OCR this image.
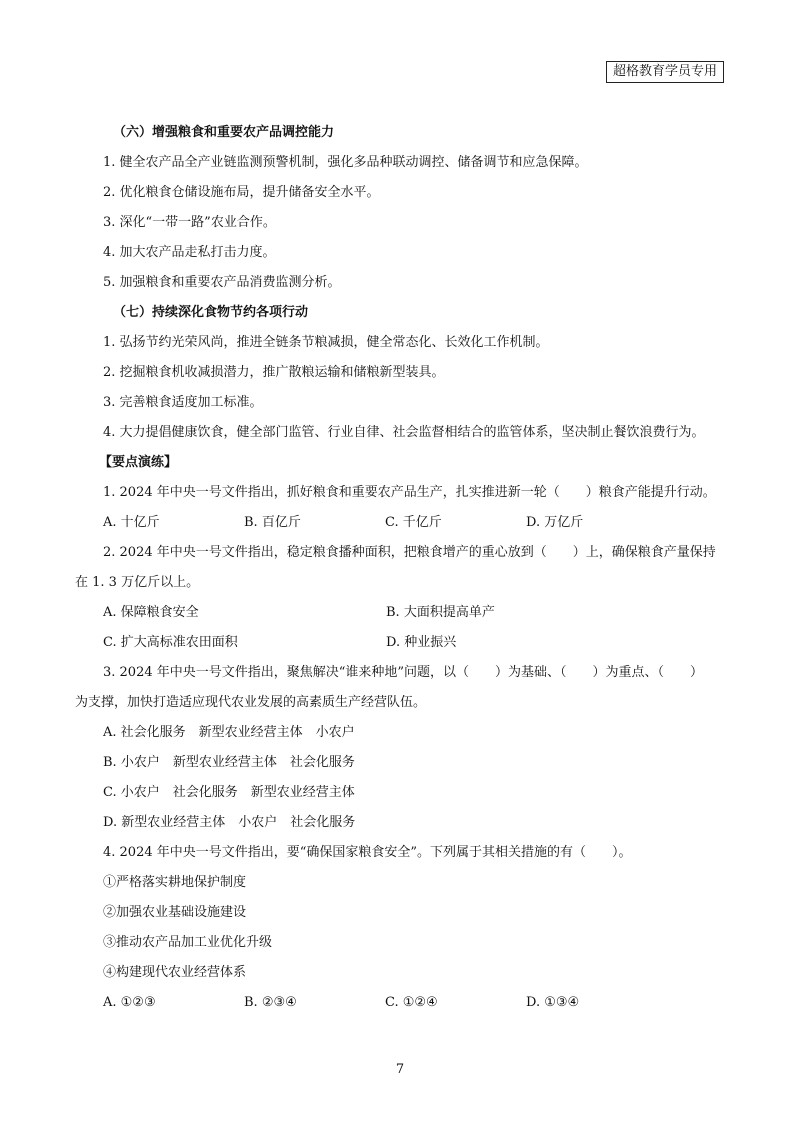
超格教育学员专用
（六）增强粮食和重要农产品调控能力
1. 健全农产品全产业链监测预警机制，强化多品种联动调控、储备调节和应急保障。
2. 优化粮食仓储设施布局，提升储备安全水平。
3. 深化“一带一路”农业合作。
4. 加大农产品走私打击力度。
5. 加强粮食和重要农产品消费监测分析。
（七）持续深化食物节约各项行动
1. 弘扬节约光荣风尚，推进全链条节粮减损，健全常态化、长效化工作机制。
2. 挖掘粮食机收减损潜力，推广散粮运输和储粮新型装具。
3. 完善粮食适度加工标准。
4. 大力提倡健康饮食，健全部门监管、行业自律、社会监督相结合的监管体系，坚决制止餐饮浪费行为。
【要点演练】
1. 2024 年中央一号文件指出，抓好粮食和重要农产品生产，扎实推进新一轮（　　）粮食产能提升行动。
A. 十亿斤	B. 百亿斤	C. 千亿斤	D. 万亿斤
2. 2024 年中央一号文件指出，稳定粮食播种面积，把粮食增产的重心放到（　　）上，确保粮食产量保持
在 1. 3 万亿斤以上。
A. 保障粮食安全	B. 大面积提高单产
C. 扩大高标准农田面积	D. 种业振兴
3. 2024 年中央一号文件指出，聚焦解决“谁来种地”问题，以（　　）为基础、（　　）为重点、（　　）
为支撑，加快打造适应现代农业发展的高素质生产经营队伍。
A. 社会化服务　新型农业经营主体　小农户
B. 小农户　新型农业经营主体　社会化服务
C. 小农户　社会化服务　新型农业经营主体
D. 新型农业经营主体　小农户　社会化服务
4. 2024 年中央一号文件指出，要“确保国家粮食安全”。下列属于其相关措施的有（　　）。
①严格落实耕地保护制度
②加强农业基础设施建设
③推动农产品加工业优化升级
④构建现代农业经营体系
A. ①②③	B. ②③④	C. ①②④	D. ①③④
7
